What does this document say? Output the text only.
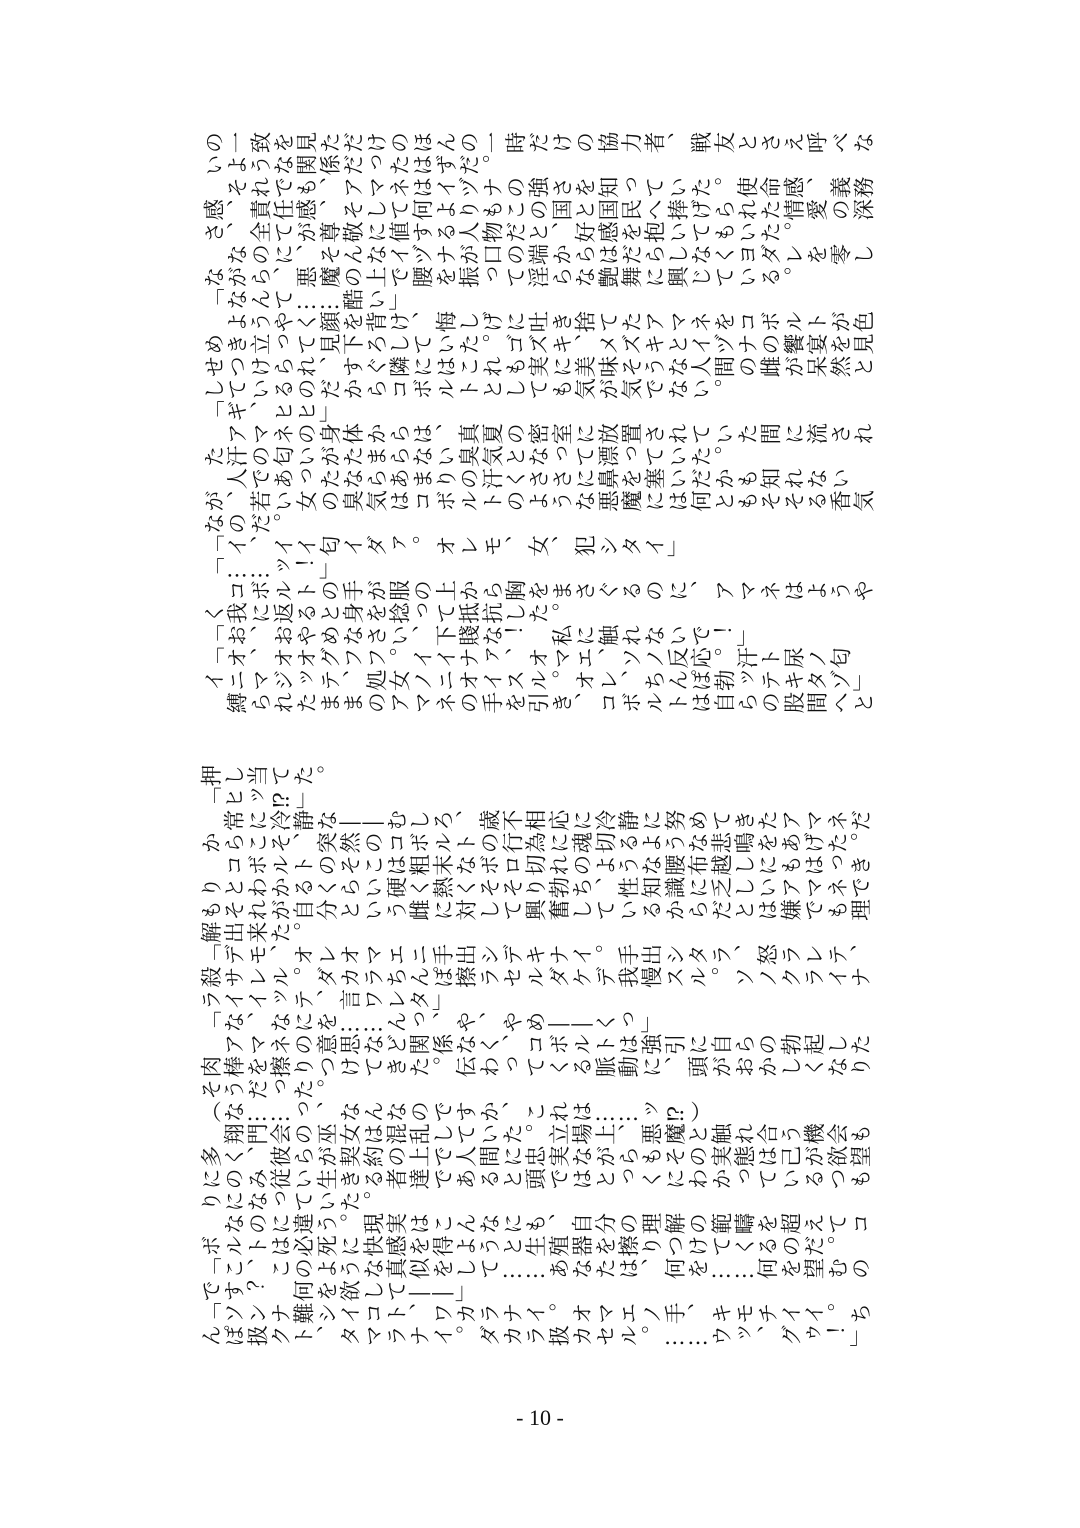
の一致を見ただけのほんの一時だけの協力者、戦友とさえ呼べな
いような関係だったはずだ。
　それでも、アマネはイヅナの強さを知っていた。使命感、義務
感、責任感、そして何よりもこの国と国民へ捧げられた情愛の深
さ、全てが尊敬に値する人物だと、好感を抱いてもいた。
　なのに、そんなイヅナが口の端からはだらしなくヨダレを零し
ながら、悪魔の上で腰を振って淫らな艶舞に興じている。
「なんて……酷い」
　ようやく顔を背け、悔しげに吐き捨てたアマネをコボルトが色
めき立って見下ろしていた。ゴズキ、メズキとイヅナの饗宴を見
せつけられ、すぐ隣にはこれも実に美味そうな人間の雌が呆然と
しているのだからコボルトとしても気が気でない。
「ギ、ヒヒ」
　アマネの身体からは、真夏の密室に放置されていた間に流され
た汗の匂いがたまらない臭気となって漂っていた。
　人であったならあまりの汗くささに鼻を塞いだかも知れない
が、若い女の臭気はコボルトのような悪魔には何ともそそる香気
なのだ。
「イ、イイ匂イダァ。オレモ、女、犯シタイ」
「……ッ！」
　コボルトの手が服の上から胸をまさぐるのに、アマネはようや
く我に返ると身を捻って抵抗した。
「お、おやめなさい、下賤な！　私に触れないで！」
「オ、オオグフフ。イイナァ、オマエ、ソノ反応。汗ト尿ノ匂
イニマジッテ、処女ノニオイスル。オレ、ちんぽ勃ッテキタゾ」
　縛られたままのアマネの手を引き、コボルトは自らの股間へと
押し当てた。
「ヒッ⁉」
　常に冷静な――むしろ、歳不相応に冷静に努めてきたアマネだ
からこそ、突然のコボルトの行為に魂切るような悲鳴をあげた。
　コボルトのそこは粗末なボロ切れのような腰布越しにもはっき
りとわかるくらい硬く熱くそそり勃ち、性知識に乏しいアマネで
もそれが自分という雌に対して興奮しているからだとは嫌でも理
解出来た。
「デモ、オレオマエニ手出シデキナイ。手出シタラ、怒ラレテ、
殺サレル。ダカラちんぽ擦ラセルダケデ我慢スル。ソノクライナ
ライイッテ、言ワレタ」
「な、なにを……んっ、や、やめ――くっ」
　アマネの意思など関係なく、コボルトは強引に自らの勃起した
肉棒を擦りつけてきた。伝わってくる脈動に、頭がおかしくなり
そうだった。
（な……っ、なんなのですか、これは……ッ⁉）
　翔門会の巫女は混乱していた。立場上、悪魔と触れ合う機会も
多く、彼らが契約の上で人間に忠実ながらもその実態は己が欲望
にのみ従い生きる者達であると頭ではとっくにわかっているつも
りになっていた。
　なのに違う。現実はこんなにも、自分の理解の範疇を超えてコ
ボルトは必死に快感を得ようと生殖器を擦りつけてくるのだ。
「こ、このような真似をして……あなたは、何を……何を望むの
です？　何を欲して――」
「ソンナ難シイコト、ワカラナイ。オマエノ手、キモチイイ。ち
んぽ扱クト、タマラナイ。ダカラ扱カセル。……ウッ、グゥ！」
- 10 -
